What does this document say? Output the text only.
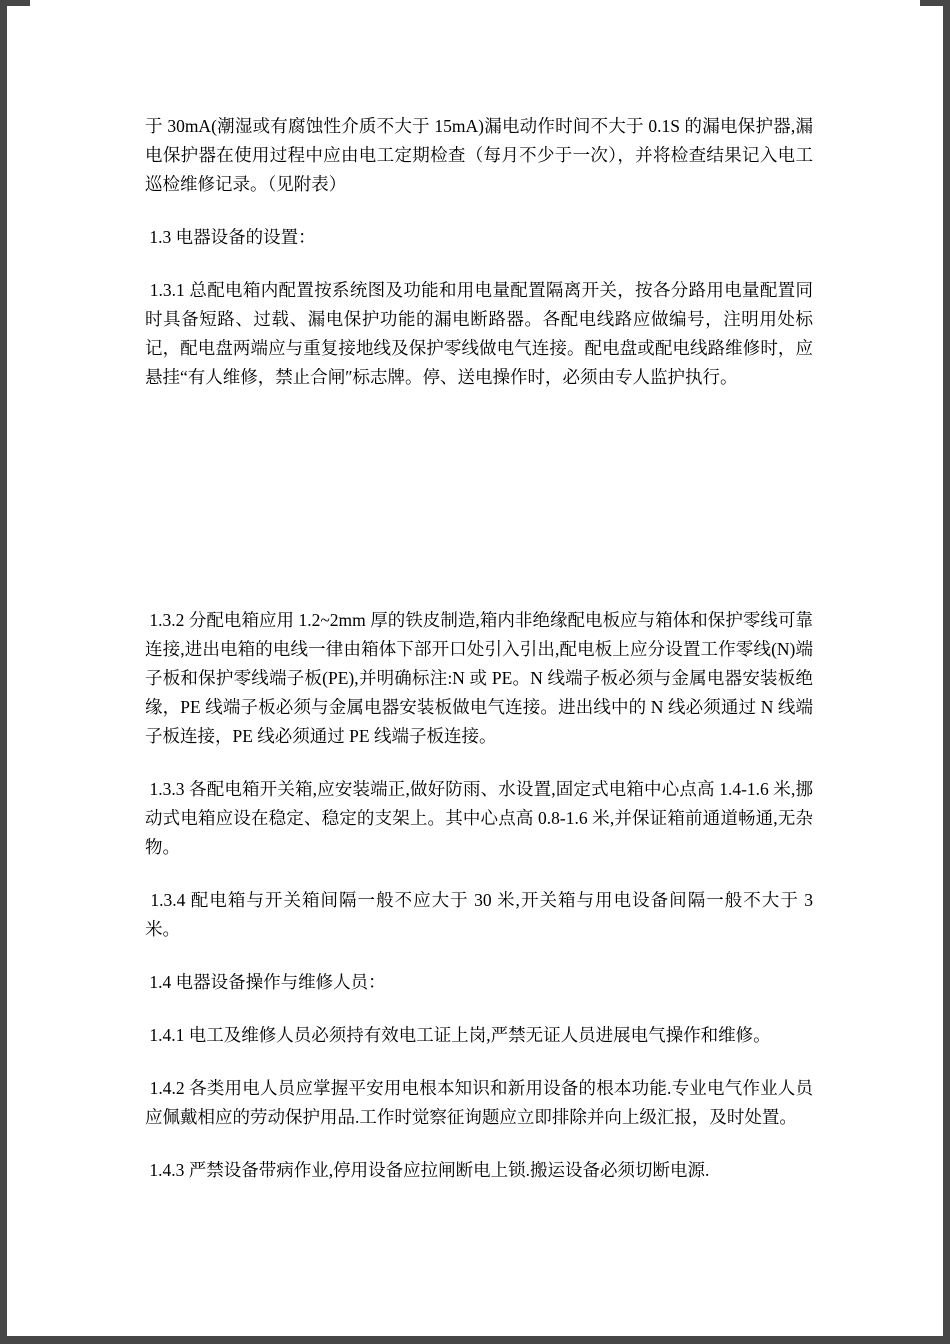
于 30mA(潮湿或有腐蚀性介质不大于 15mA)漏电动作时间不大于 0.1S 的漏电保护器,漏电保护器在使用过程中应由电工定期检查（每月不少于一次），并将检查结果记入电工巡检维修记录。（见附表）

1.3 电器设备的设置：

1.3.1 总配电箱内配置按系统图及功能和用电量配置隔离开关，按各分路用电量配置同时具备短路、过载、漏电保护功能的漏电断路器。各配电线路应做编号，注明用处标记，配电盘两端应与重复接地线及保护零线做电气连接。配电盘或配电线路维修时，应悬挂“有人维修，禁止合闸″标志牌。停、送电操作时，必须由专人监护执行。

1.3.2 分配电箱应用 1.2~2mm 厚的铁皮制造,箱内非绝缘配电板应与箱体和保护零线可靠连接,进出电箱的电线一律由箱体下部开口处引入引出,配电板上应分设置工作零线(N)端子板和保护零线端子板(PE),并明确标注:N 或 PE。N 线端子板必须与金属电器安装板绝缘，PE 线端子板必须与金属电器安装板做电气连接。进出线中的 N 线必须通过 N 线端子板连接，PE 线必须通过 PE 线端子板连接。

1.3.3 各配电箱开关箱,应安装端正,做好防雨、水设置,固定式电箱中心点高 1.4-1.6 米,挪动式电箱应设在稳定、稳定的支架上。其中心点高 0.8-1.6 米,并保证箱前通道畅通,无杂物。

1.3.4 配电箱与开关箱间隔一般不应大于 30 米,开关箱与用电设备间隔一般不大于 3 米。

1.4 电器设备操作与维修人员：

1.4.1 电工及维修人员必须持有效电工证上岗,严禁无证人员进展电气操作和维修。

1.4.2 各类用电人员应掌握平安用电根本知识和新用设备的根本功能.专业电气作业人员应佩戴相应的劳动保护用品.工作时觉察征询题应立即排除并向上级汇报，及时处置。

1.4.3 严禁设备带病作业,停用设备应拉闸断电上锁.搬运设备必须切断电源.
